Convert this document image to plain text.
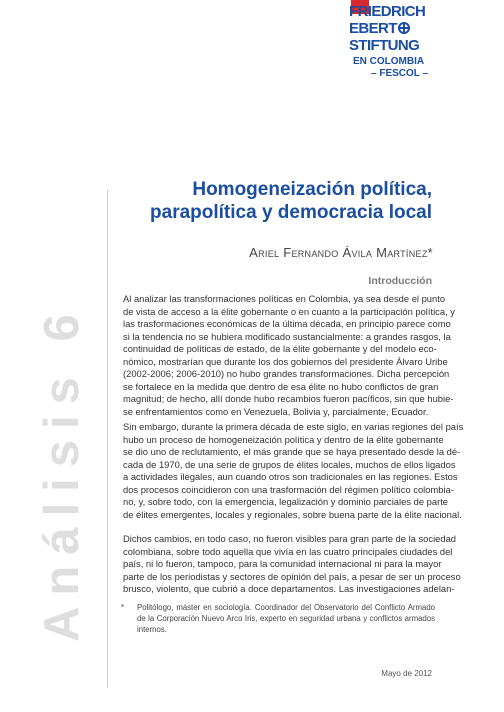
FRIEDRICH
EBERT
STIFTUNG
EN COLOMBIA
– FESCOL –
Análisis 6
Homogeneización política,
parapolítica y democracia local
Ariel Fernando Ávila Martínez*
Introducción
Al analizar las transformaciones políticas en Colombia, ya sea desde el punto
de vista de acceso a la élite gobernante o en cuanto a la participación política, y
las trasformaciones económicas de la última década, en principio parece como
si la tendencia no se hubiera modificado sustancialmente: a grandes rasgos, la
continuidad de políticas de estado, de la élite gobernante y del modelo eco-
nómico, mostrarían que durante los dos gobiernos del presidente Álvaro Uribe
(2002-2006; 2006-2010) no hubo grandes transformaciones. Dicha percepción
se fortalece en la medida que dentro de esa élite no hubo conflictos de gran
magnitud; de hecho, allí donde hubo recambios fueron pacíficos, sin que hubie-
se enfrentamientos como en Venezuela, Bolivia y, parcialmente, Ecuador.
Sin embargo, durante la primera década de este siglo, en varias regiones del país
hubo un proceso de homogeneización política y dentro de la élite gobernante
se dio uno de reclutamiento, el más grande que se haya presentado desde la dé-
cada de 1970, de una serie de grupos de élites locales, muchos de ellos ligados
a actividades ilegales, aun cuando otros son tradicionales en las regiones. Estos
dos procesos coincidieron con una trasformación del régimen político colombia-
no, y, sobre todo, con la emergencia, legalización y dominio parciales de parte
de élites emergentes, locales y regionales, sobre buena parte de la élite nacional.
Dichos cambios, en todo caso, no fueron visibles para gran parte de la sociedad
colombiana, sobre todo aquella que vivía en las cuatro principales ciudades del
país, ni lo fueron, tampoco, para la comunidad internacional ni para la mayor
parte de los periodistas y sectores de opinión del país, a pesar de ser un proceso
brusco, violento, que cubrió a doce departamentos. Las investigaciones adelan-
*	Politólogo, máster en sociología. Coordinador del Observatorio del Conflicto Armado
de la Corporación Nuevo Arco Iris, experto en seguridad urbana y conflictos armados
internos.
Mayo de 2012
